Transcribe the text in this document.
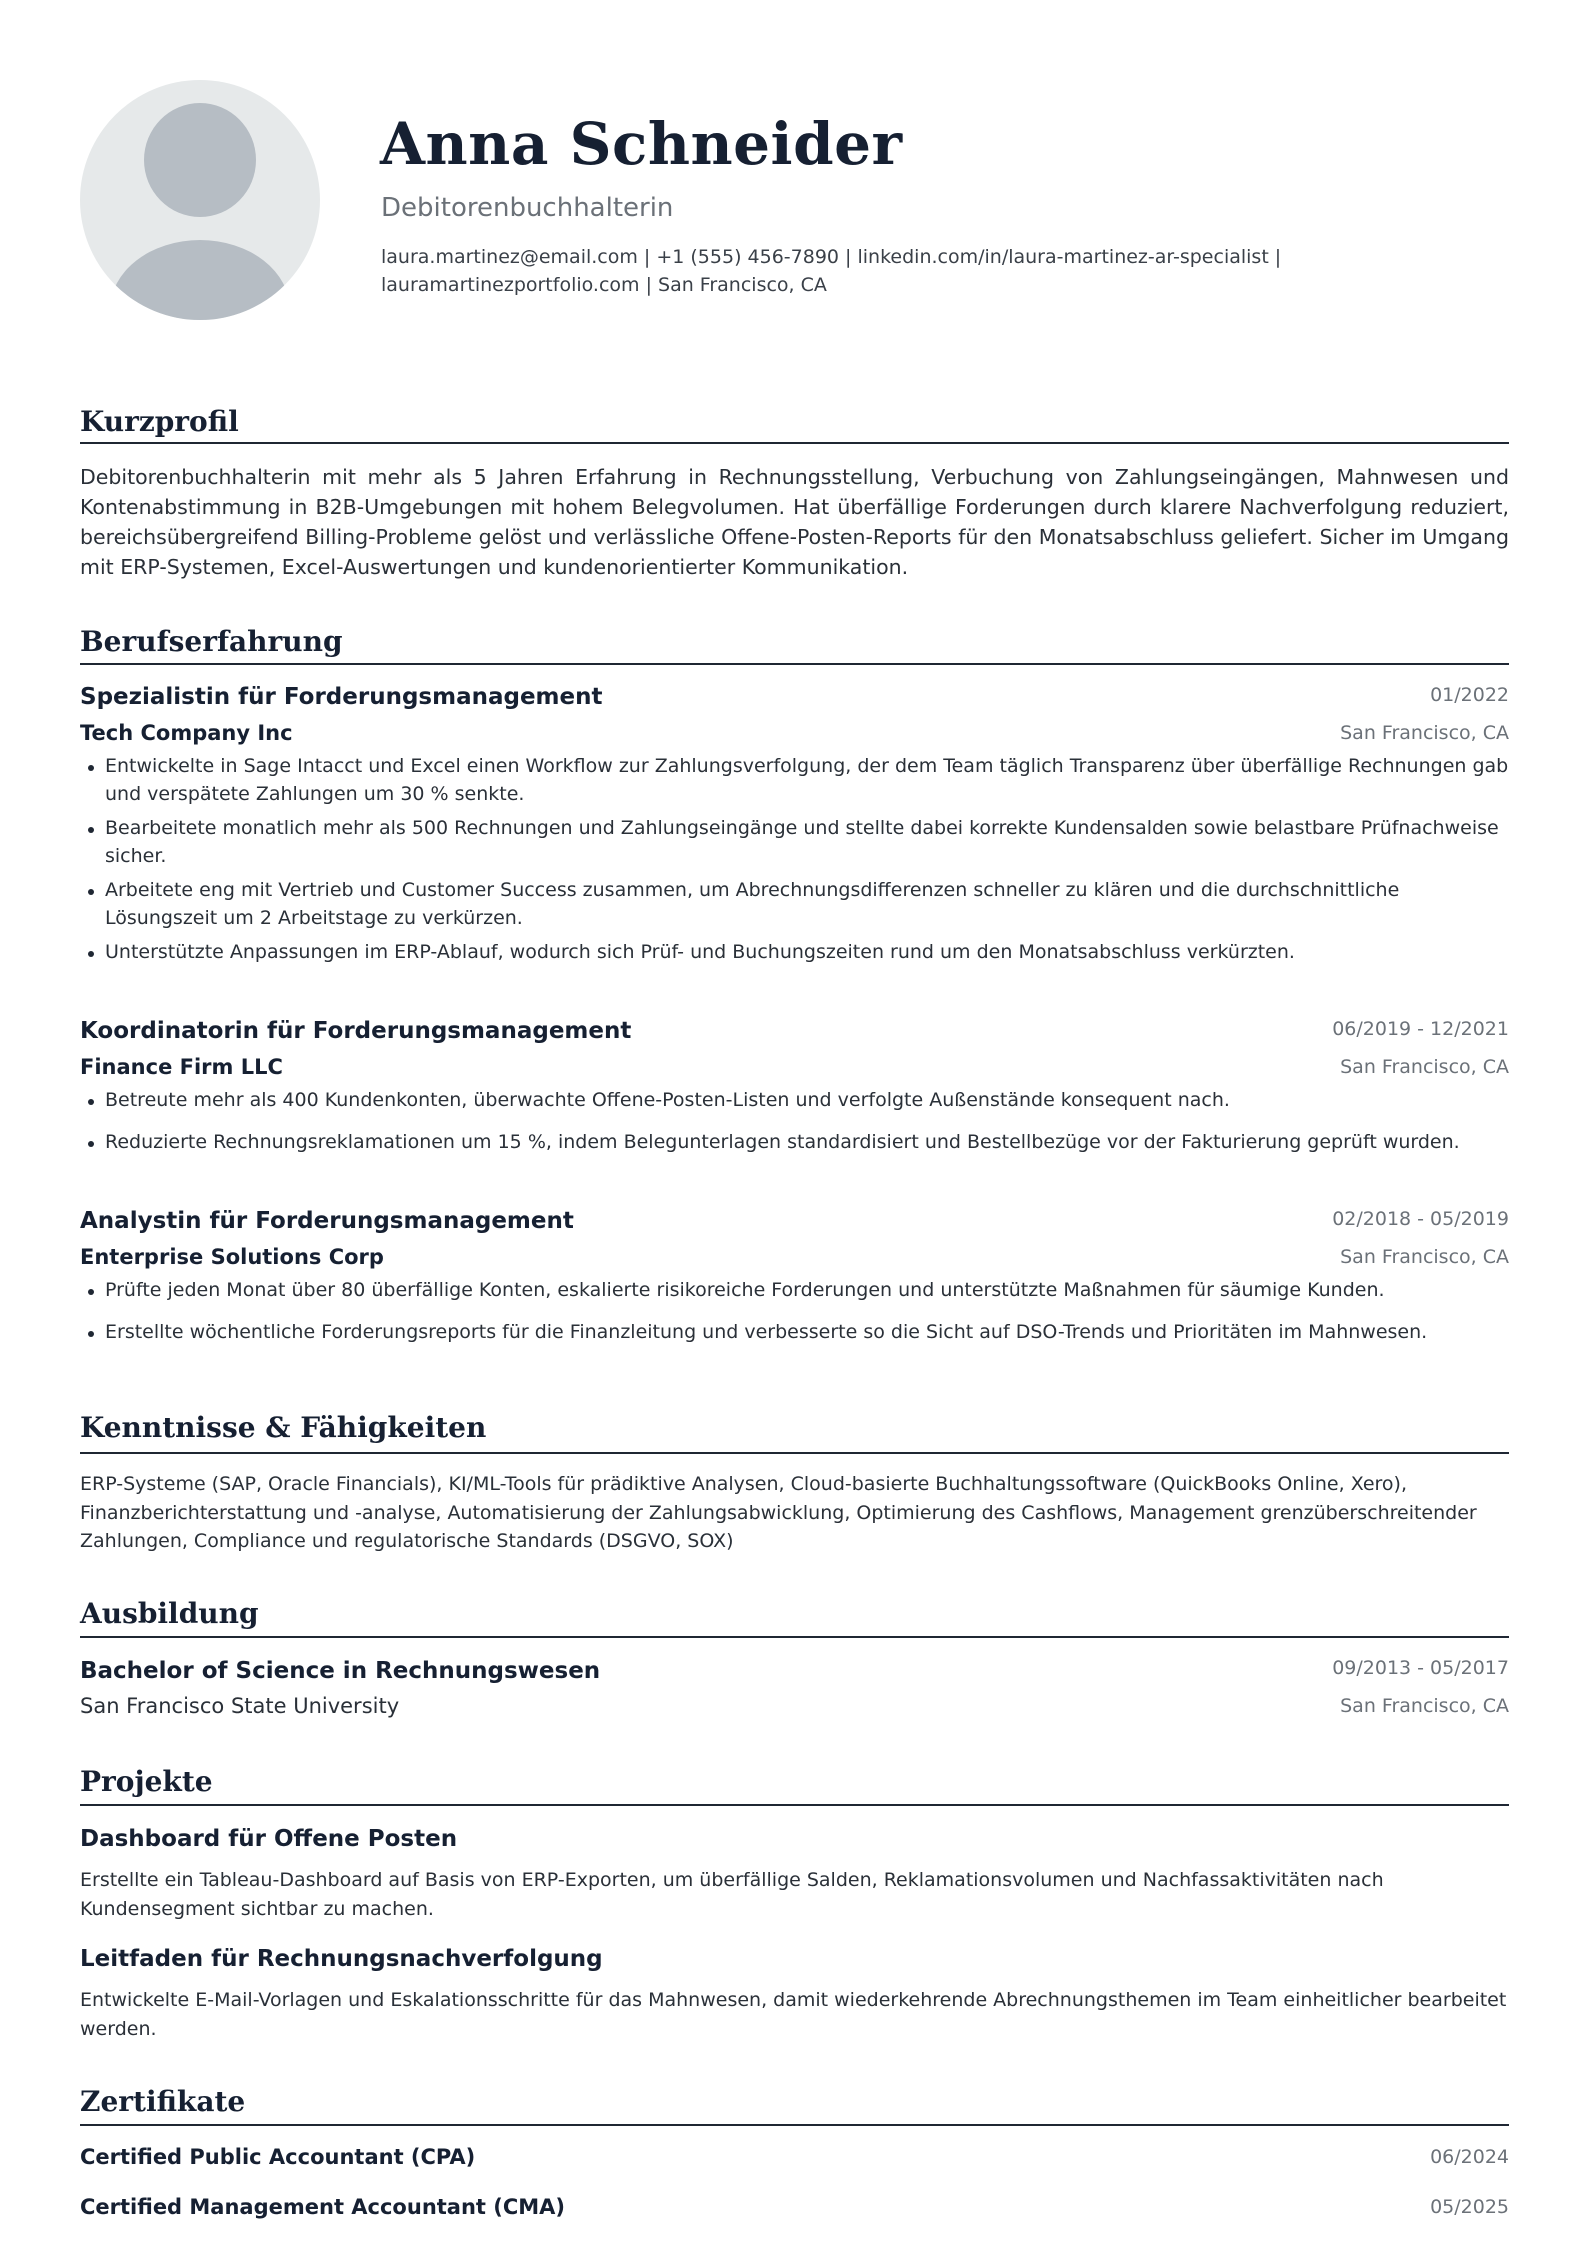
Anna Schneider
Debitorenbuchhalterin
laura.martinez@email.com | +1 (555) 456-7890 | linkedin.com/in/laura-martinez-ar-specialist |
lauramartinezportfolio.com | San Francisco, CA
Kurzprofil
Debitorenbuchhalterin mit mehr als 5 Jahren Erfahrung in Rechnungsstellung, Verbuchung von Zahlungseingängen, Mahnwesen und Kontenabstimmung in B2B-Umgebungen mit hohem Belegvolumen. Hat überfällige Forderungen durch klarere Nachverfolgung reduziert, bereichsübergreifend Billing-Probleme gelöst und verlässliche Offene-Posten-Reports für den Monatsabschluss geliefert. Sicher im Umgang mit ERP-Systemen, Excel-Auswertungen und kundenorientierter Kommunikation.
Berufserfahrung
Spezialistin für Forderungsmanagement	01/2022
Tech Company Inc	San Francisco, CA
Entwickelte in Sage Intacct und Excel einen Workflow zur Zahlungsverfolgung, der dem Team täglich Transparenz über überfällige Rechnungen gab und verspätete Zahlungen um 30 % senkte.
Bearbeitete monatlich mehr als 500 Rechnungen und Zahlungseingänge und stellte dabei korrekte Kundensalden sowie belastbare Prüfnachweise sicher.
Arbeitete eng mit Vertrieb und Customer Success zusammen, um Abrechnungsdifferenzen schneller zu klären und die durchschnittliche Lösungszeit um 2 Arbeitstage zu verkürzen.
Unterstützte Anpassungen im ERP-Ablauf, wodurch sich Prüf- und Buchungszeiten rund um den Monatsabschluss verkürzten.
Koordinatorin für Forderungsmanagement	06/2019 - 12/2021
Finance Firm LLC	San Francisco, CA
Betreute mehr als 400 Kundenkonten, überwachte Offene-Posten-Listen und verfolgte Außenstände konsequent nach.
Reduzierte Rechnungsreklamationen um 15 %, indem Belegunterlagen standardisiert und Bestellbezüge vor der Fakturierung geprüft wurden.
Analystin für Forderungsmanagement	02/2018 - 05/2019
Enterprise Solutions Corp	San Francisco, CA
Prüfte jeden Monat über 80 überfällige Konten, eskalierte risikoreiche Forderungen und unterstützte Maßnahmen für säumige Kunden.
Erstellte wöchentliche Forderungsreports für die Finanzleitung und verbesserte so die Sicht auf DSO-Trends und Prioritäten im Mahnwesen.
Kenntnisse & Fähigkeiten
ERP-Systeme (SAP, Oracle Financials), KI/ML-Tools für prädiktive Analysen, Cloud-basierte Buchhaltungssoftware (QuickBooks Online, Xero), Finanzberichterstattung und -analyse, Automatisierung der Zahlungsabwicklung, Optimierung des Cashflows, Management grenzüberschreitender Zahlungen, Compliance und regulatorische Standards (DSGVO, SOX)
Ausbildung
Bachelor of Science in Rechnungswesen	09/2013 - 05/2017
San Francisco State University	San Francisco, CA
Projekte
Dashboard für Offene Posten
Erstellte ein Tableau-Dashboard auf Basis von ERP-Exporten, um überfällige Salden, Reklamationsvolumen und Nachfassaktivitäten nach Kundensegment sichtbar zu machen.
Leitfaden für Rechnungsnachverfolgung
Entwickelte E-Mail-Vorlagen und Eskalationsschritte für das Mahnwesen, damit wiederkehrende Abrechnungsthemen im Team einheitlicher bearbeitet werden.
Zertifikate
Certified Public Accountant (CPA)	06/2024
Certified Management Accountant (CMA)	05/2025
